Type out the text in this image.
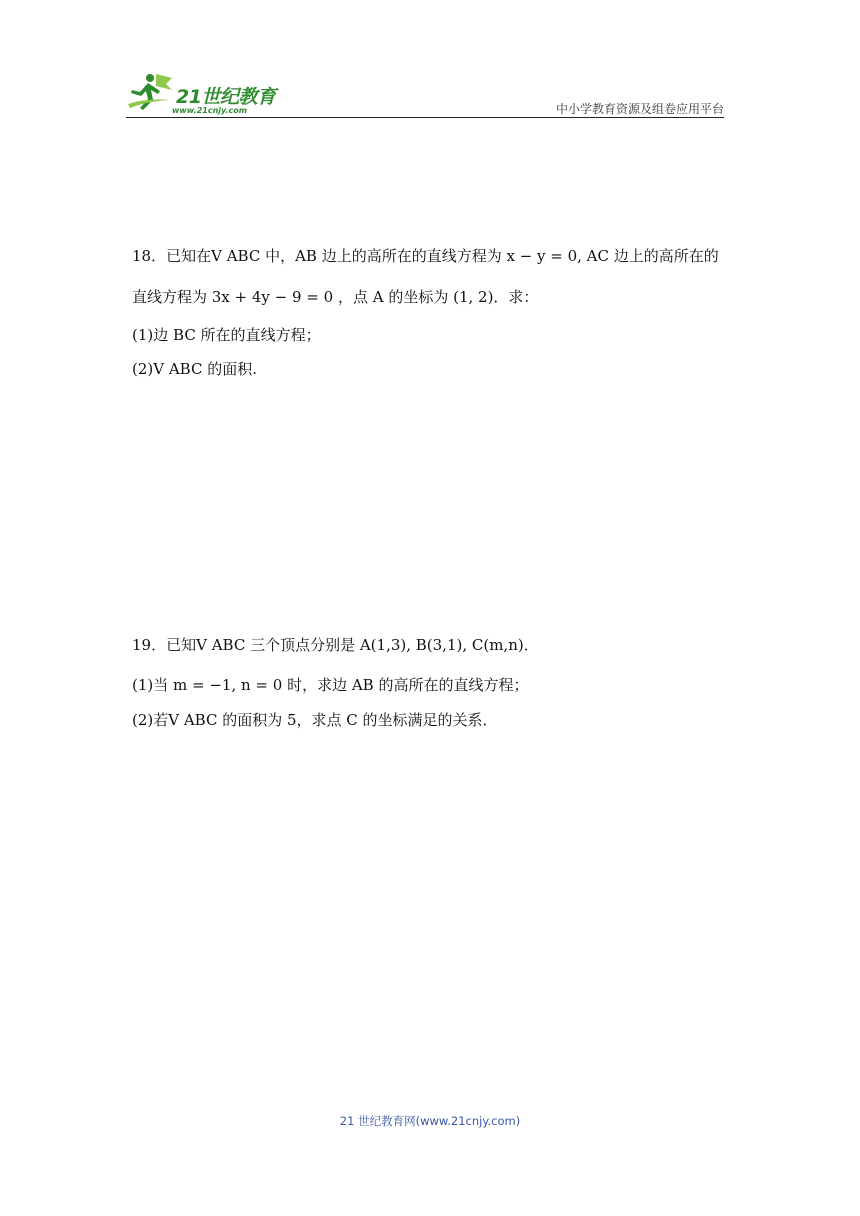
21世纪教育
www.21cnjy.com	中小学教育资源及组卷应用平台
18．已知在V ABC 中，AB 边上的高所在的直线方程为 x − y = 0, AC 边上的高所在的
直线方程为 3x + 4y − 9 = 0 ，点 A 的坐标为 (1, 2)．求：
(1)边 BC 所在的直线方程；
(2)V ABC 的面积.
19．已知V ABC 三个顶点分别是 A(1,3), B(3,1), C(m,n)．
(1)当 m = −1, n = 0 时，求边 AB 的高所在的直线方程；
(2)若V ABC 的面积为 5，求点 C 的坐标满足的关系．
21 世纪教育网(www.21cnjy.com)
